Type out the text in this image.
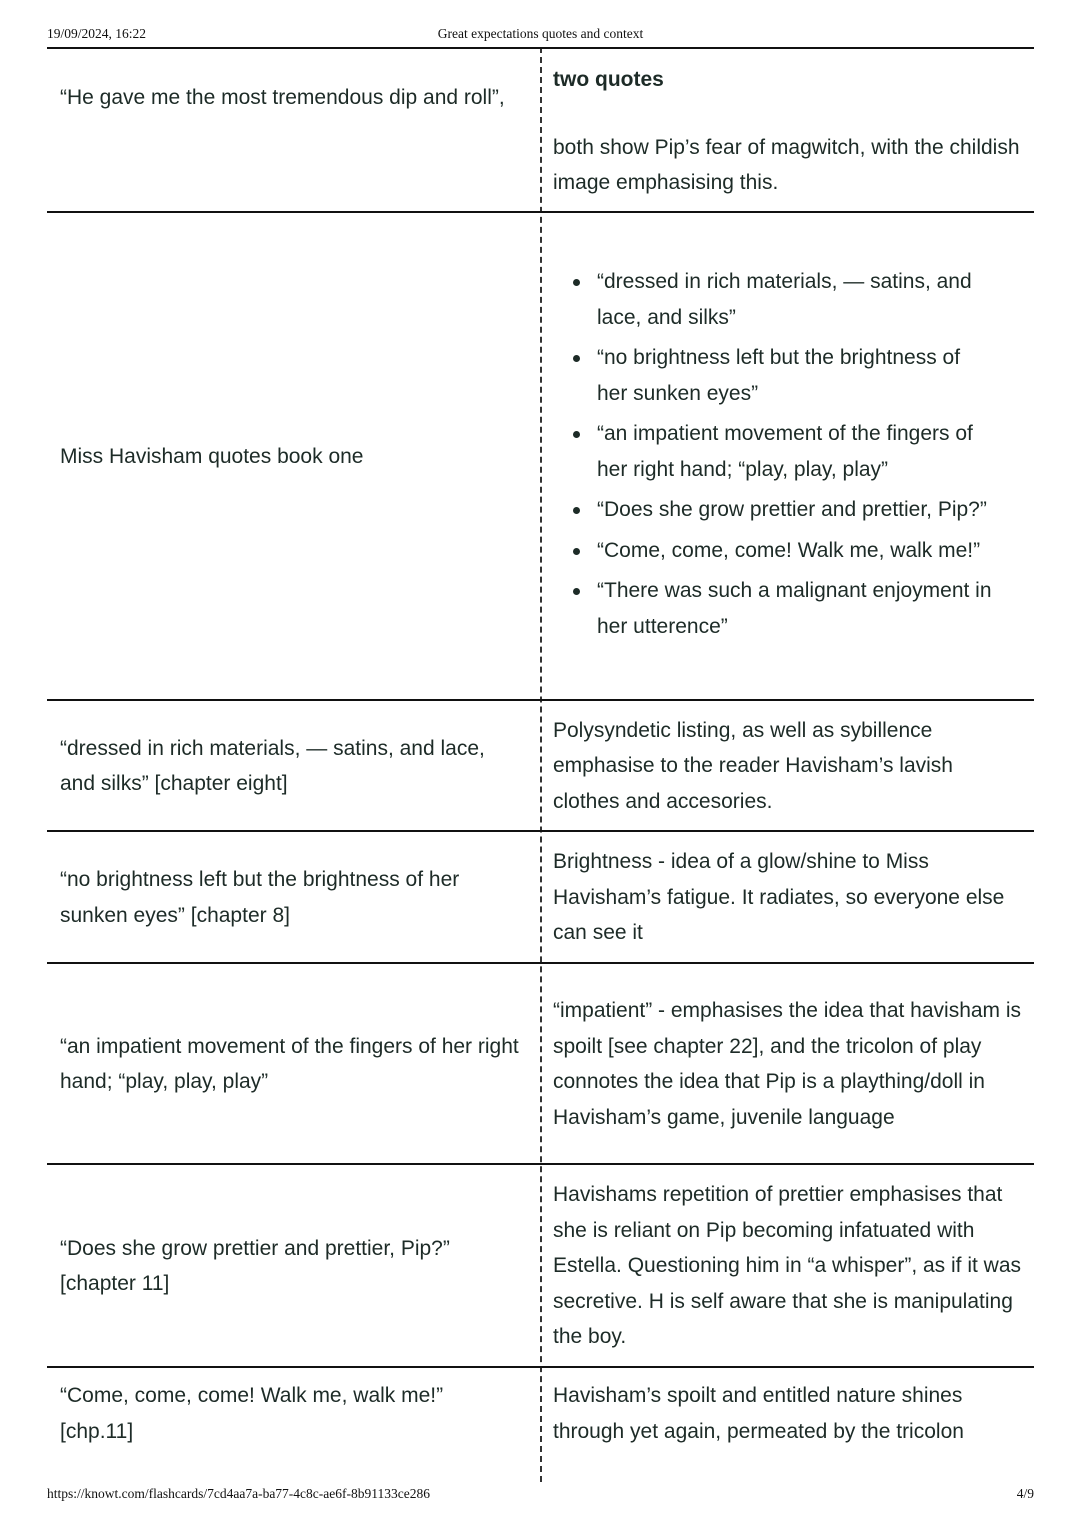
19/09/2024, 16:22	Great expectations quotes and context
“He gave me the most tremendous dip and roll”,
two quotes
both show Pip’s fear of magwitch, with the childish image emphasising this.
Miss Havisham quotes book one
“dressed in rich materials, — satins, and lace, and silks”
“no brightness left but the brightness of her sunken eyes”
“an impatient movement of the fingers of her right hand; “play, play, play”
“Does she grow prettier and prettier, Pip?”
“Come, come, come! Walk me, walk me!”
“There was such a malignant enjoyment in her utterence”
“dressed in rich materials, — satins, and lace, and silks” [chapter eight]
Polysyndetic listing, as well as sybillence emphasise to the reader Havisham’s lavish clothes and accesories.
“no brightness left but the brightness of her sunken eyes” [chapter 8]
Brightness - idea of a glow/shine to Miss Havisham’s fatigue. It radiates, so everyone else can see it
“an impatient movement of the fingers of her right hand; “play, play, play”
“impatient” - emphasises the idea that havisham is spoilt [see chapter 22], and the tricolon of play connotes the idea that Pip is a plaything/doll in Havisham’s game, juvenile language
“Does she grow prettier and prettier, Pip?” [chapter 11]
Havishams repetition of prettier emphasises that she is reliant on Pip becoming infatuated with Estella. Questioning him in “a whisper”, as if it was secretive. H is self aware that she is manipulating the boy.
“Come, come, come! Walk me, walk me!” [chp.11]
Havisham’s spoilt and entitled nature shines through yet again, permeated by the tricolon
https://knowt.com/flashcards/7cd4aa7a-ba77-4c8c-ae6f-8b91133ce286	4/9
